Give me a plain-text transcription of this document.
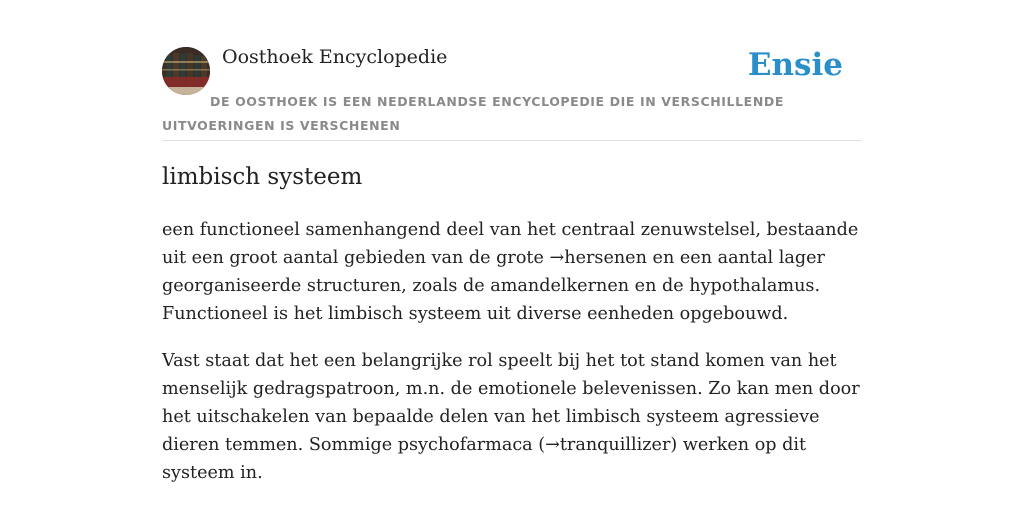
Oosthoek Encyclopedie	Ensie
DE OOSTHOEK IS EEN NEDERLANDSE ENCYCLOPEDIE DIE IN VERSCHILLENDE UITVOERINGEN IS VERSCHENEN
limbisch systeem

een functioneel samenhangend deel van het centraal zenuwstelsel, bestaande uit een groot aantal gebieden van de grote →hersenen en een aantal lager georganiseerde structuren, zoals de amandelkernen en de hypothalamus. Functioneel is het limbisch systeem uit diverse eenheden opgebouwd.

Vast staat dat het een belangrijke rol speelt bij het tot stand komen van het menselijk gedragspatroon, m.n. de emotionele belevenissen. Zo kan men door het uitschakelen van bepaalde delen van het limbisch systeem agressieve dieren temmen. Sommige psychofarmaca (→tranquillizer) werken op dit systeem in.
